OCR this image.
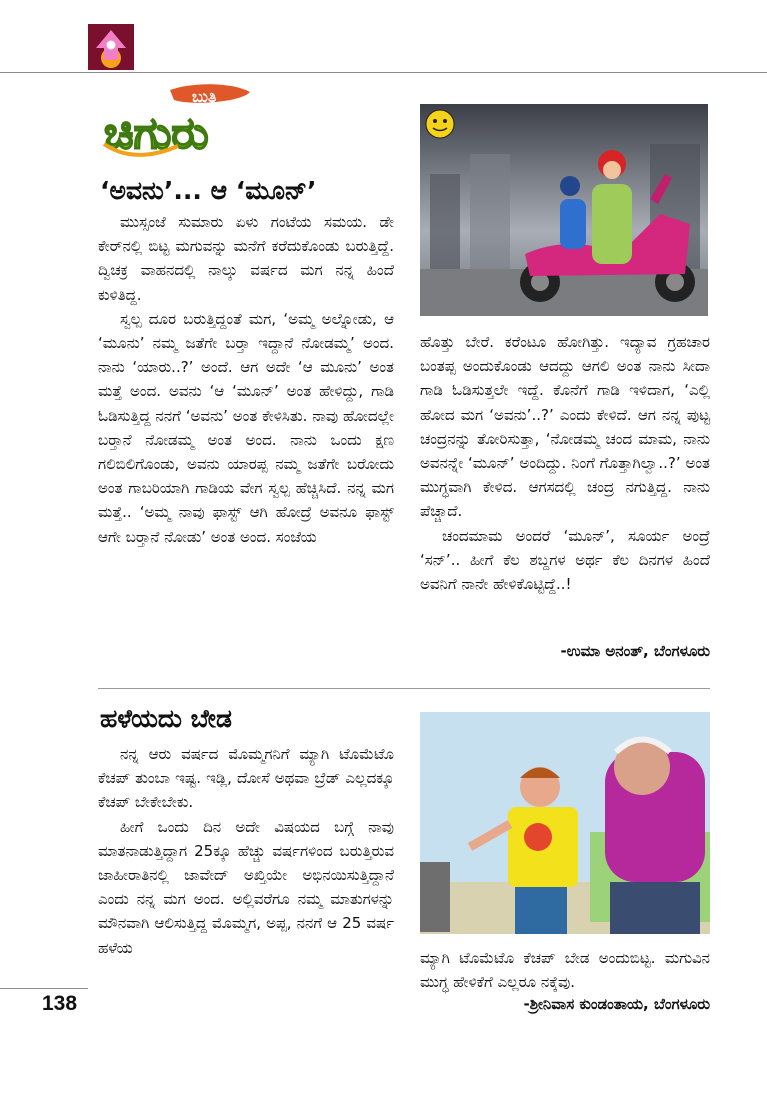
ಬುತ್ತಿ
ಚಿಗುರು
‘ಅವನು’... ಆ ‘ಮೂನ್’

ಮುಸ್ಸಂಜೆ ಸುಮಾರು ಏಳು ಗಂಟೆಯ ಸಮಯ. ಡೇ ಕೇರ್‌ನಲ್ಲಿ ಬಿಟ್ಟ ಮಗುವನ್ನು ಮನೆಗೆ ಕರೆದುಕೊಂಡು ಬರುತ್ತಿದ್ದೆ. ದ್ವಿಚಕ್ರ ವಾಹನದಲ್ಲಿ ನಾಲ್ಕು ವರ್ಷದ ಮಗ ನನ್ನ ಹಿಂದೆ ಕುಳಿತಿದ್ದ.

ಸ್ವಲ್ಪ ದೂರ ಬರುತ್ತಿದ್ದಂತೆ ಮಗ, ‘ಅಮ್ಮ ಅಲ್ನೋಡು, ಆ ‘ಮೂನು’ ನಮ್ಮ ಜತೆಗೇ ಬರ್‍ತಾ ಇದ್ದಾನೆ ನೋಡಮ್ಮ’ ಅಂದ. ನಾನು ‘ಯಾರು..?’ ಅಂದೆ. ಆಗ ಅದೇ ‘ಆ ಮೂನು’ ಅಂತ ಮತ್ತೆ ಅಂದ. ಅವನು ‘ಆ ‘ಮೂನ್’ ಅಂತ ಹೇಳಿದ್ದು, ಗಾಡಿ ಓಡಿಸುತ್ತಿದ್ದ ನನಗೆ ‘ಅವನು’ ಅಂತ ಕೇಳಿಸಿತು. ನಾವು ಹೋದಲ್ಲೇ ಬರ್‍ತಾನೆ ನೋಡಮ್ಮ ಅಂತ ಅಂದ. ನಾನು ಒಂದು ಕ್ಷಣ ಗಲಿಬಿಲಿಗೊಂಡು, ಅವನು ಯಾರಪ್ಪ ನಮ್ಮ ಜತೆಗೇ ಬರೋದು ಅಂತ ಗಾಬರಿಯಾಗಿ ಗಾಡಿಯ ವೇಗ ಸ್ವಲ್ಪ ಹೆಚ್ಚಿಸಿದೆ. ನನ್ನ ಮಗ ಮತ್ತೆ.. ‘ಅಮ್ಮ ನಾವು ಫಾಸ್ಟ್ ಆಗಿ ಹೋದ್ರೆ ಅವನೂ ಫಾಸ್ಟ್ ಆಗೇ ಬರ್‍ತಾನೆ ನೋಡು’ ಅಂತ ಅಂದ. ಸಂಜೆಯ

ಹೊತ್ತು ಬೇರೆ. ಕರೆಂಟೂ ಹೋಗಿತ್ತು. ಇದ್ಯಾವ ಗ್ರಹಚಾರ ಬಂತಪ್ಪ ಅಂದುಕೊಂಡು ಆದದ್ದು ಆಗಲಿ ಅಂತ ನಾನು ಸೀದಾ ಗಾಡಿ ಓಡಿಸುತ್ತಲೇ ಇದ್ದೆ. ಕೊನೆಗೆ ಗಾಡಿ ಇಳಿದಾಗ, ‘ಎಲ್ಲಿ ಹೋದ ಮಗ ‘ಅವನು’..?’ ಎಂದು ಕೇಳಿದೆ. ಆಗ ನನ್ನ ಪುಟ್ಟ ಚಂದ್ರನನ್ನು ತೋರಿಸುತ್ತಾ, ‘ನೋಡಮ್ಮ ಚಂದ ಮಾಮ, ನಾನು ಅವನನ್ನೇ ‘ಮೂನ್’ ಅಂದಿದ್ದು. ನಿಂಗೆ ಗೊತ್ತಾಗಿಲ್ವಾ..?’ ಅಂತ ಮುಗ್ಧವಾಗಿ ಕೇಳಿದ. ಆಗಸದಲ್ಲಿ ಚಂದ್ರ ನಗುತ್ತಿದ್ದ. ನಾನು ಪೆಚ್ಚಾದೆ.

ಚಂದಮಾಮ ಅಂದರೆ ‘ಮೂನ್’, ಸೂರ್ಯ ಅಂದ್ರೆ ‘ಸನ್’.. ಹೀಗೆ ಕೆಲ ಶಬ್ದಗಳ ಅರ್ಥ ಕೆಲ ದಿನಗಳ ಹಿಂದೆ ಅವನಿಗೆ ನಾನೇ ಹೇಳಿಕೊಟ್ಟಿದ್ದೆ..!

-ಉಮಾ ಅನಂತ್, ಬೆಂಗಳೂರು
ಹಳೆಯದು ಬೇಡ

ನನ್ನ ಆರು ವರ್ಷದ ಮೊಮ್ಮಗನಿಗೆ ಮ್ಯಾಗಿ ಟೊಮೆಟೊ ಕೆಚಪ್ ತುಂಬಾ ಇಷ್ಟ. ಇಡ್ಲಿ, ದೋಸೆ ಅಥವಾ ಬ್ರೆಡ್ ಎಲ್ಲದಕ್ಕೂ ಕೆಚಪ್ ಬೇಕೇಬೇಕು.

ಹೀಗೆ ಒಂದು ದಿನ ಅದೇ ವಿಷಯದ ಬಗ್ಗೆ ನಾವು ಮಾತನಾಡುತ್ತಿದ್ದಾಗ 25ಕ್ಕೂ ಹೆಚ್ಚು ವರ್ಷಗಳಿಂದ ಬರುತ್ತಿರುವ ಜಾಹೀರಾತಿನಲ್ಲಿ ಜಾವೇದ್ ಅಖ್ತಿಯೇ ಅಭಿನಯಿಸುತ್ತಿದ್ದಾನೆ ಎಂದು ನನ್ನ ಮಗ ಅಂದ. ಅಲ್ಲಿವರೆಗೂ ನಮ್ಮ ಮಾತುಗಳನ್ನು ಮೌನವಾಗಿ ಆಲಿಸುತ್ತಿದ್ದ ಮೊಮ್ಮಗ, ಅಪ್ಪ, ನನಗೆ ಆ 25 ವರ್ಷ ಹಳೆಯ

ಮ್ಯಾಗಿ ಟೊಮೆಟೊ ಕೆಚಪ್ ಬೇಡ ಅಂದುಬಿಟ್ಟ. ಮಗುವಿನ ಮುಗ್ಧ ಹೇಳಿಕೆಗೆ ಎಲ್ಲರೂ ನಕ್ಕೆವು.

-ಶ್ರೀನಿವಾಸ ಕುಂಡಂತಾಯ, ಬೆಂಗಳೂರು
138
